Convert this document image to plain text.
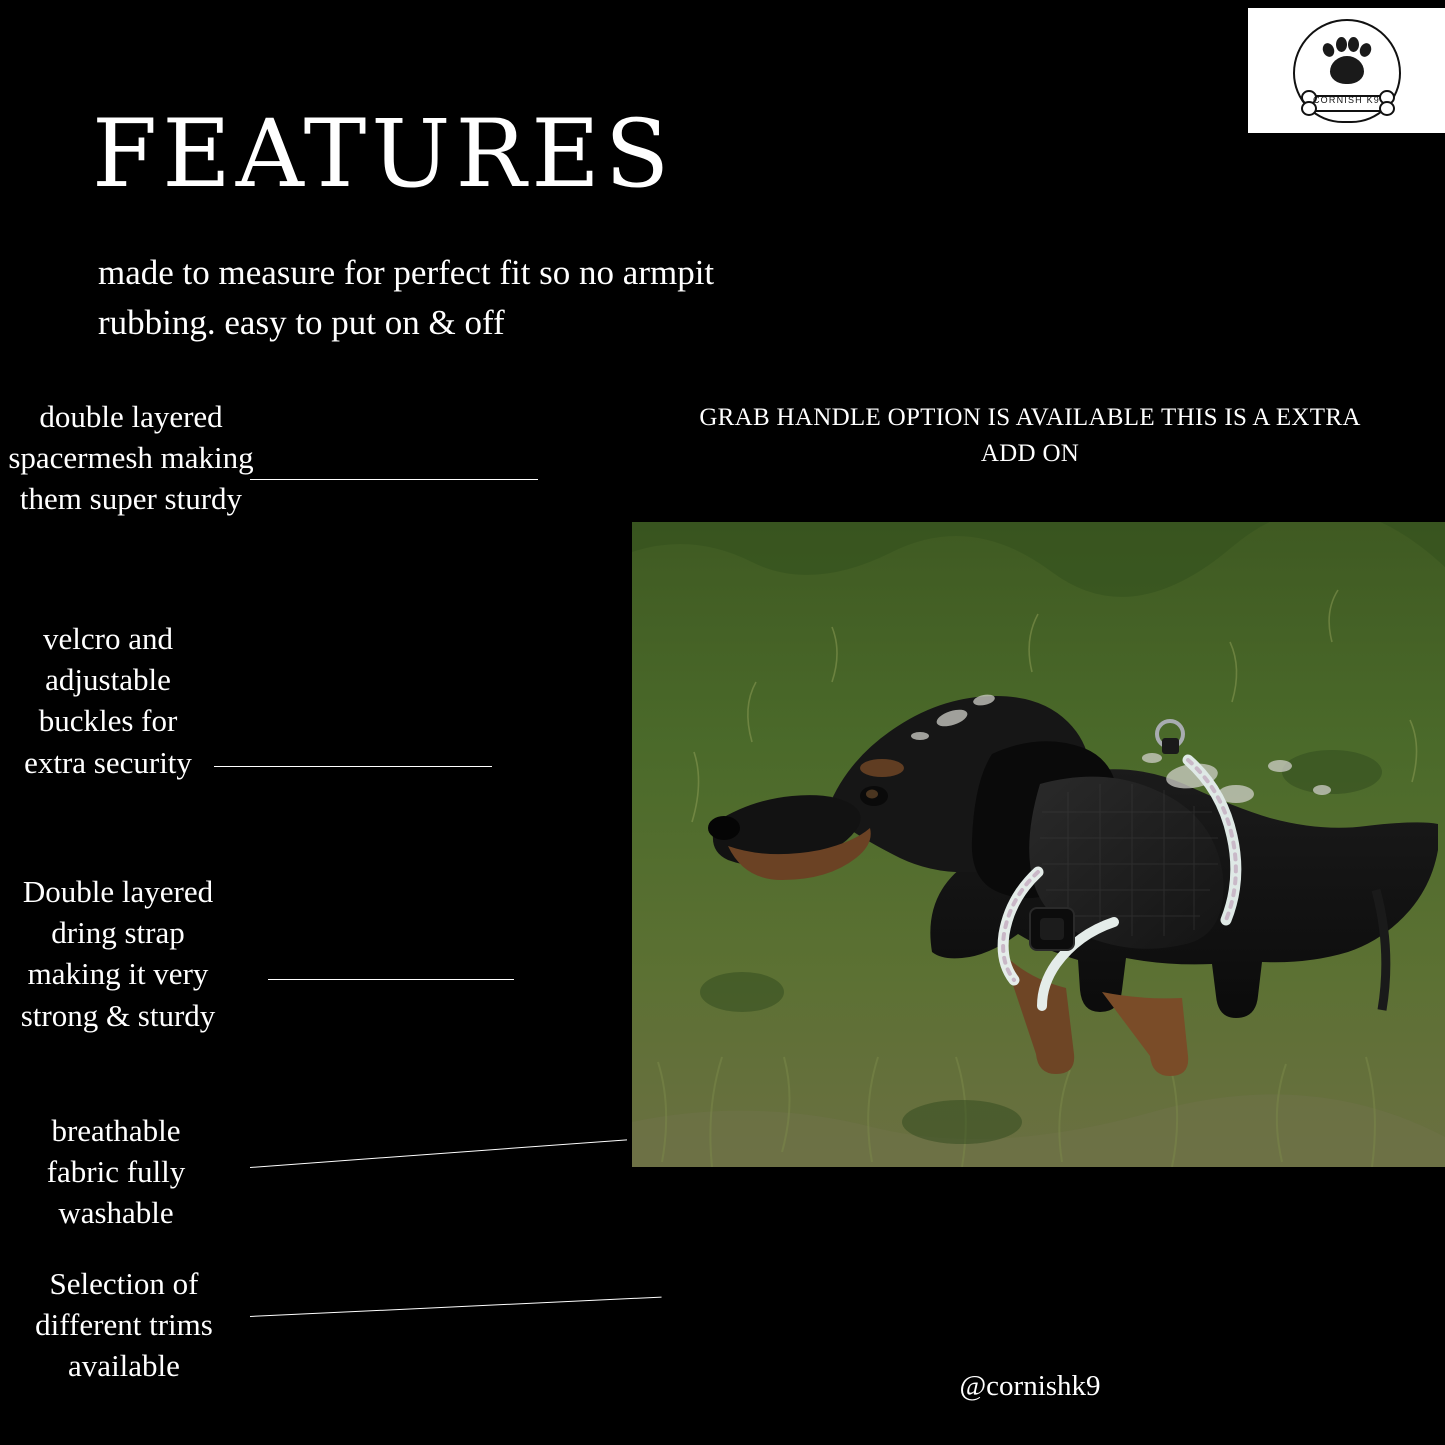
CORNISH K9
FEATURES
made to measure for perfect fit so no armpit rubbing. easy to put on & off
double layered spacermesh making them super sturdy
velcro and adjustable buckles for extra security
Double layered dring strap making it very strong & sturdy
breathable fabric fully washable
Selection of different trims available
GRAB HANDLE OPTION IS AVAILABLE THIS IS A EXTRA ADD ON
@cornishk9
